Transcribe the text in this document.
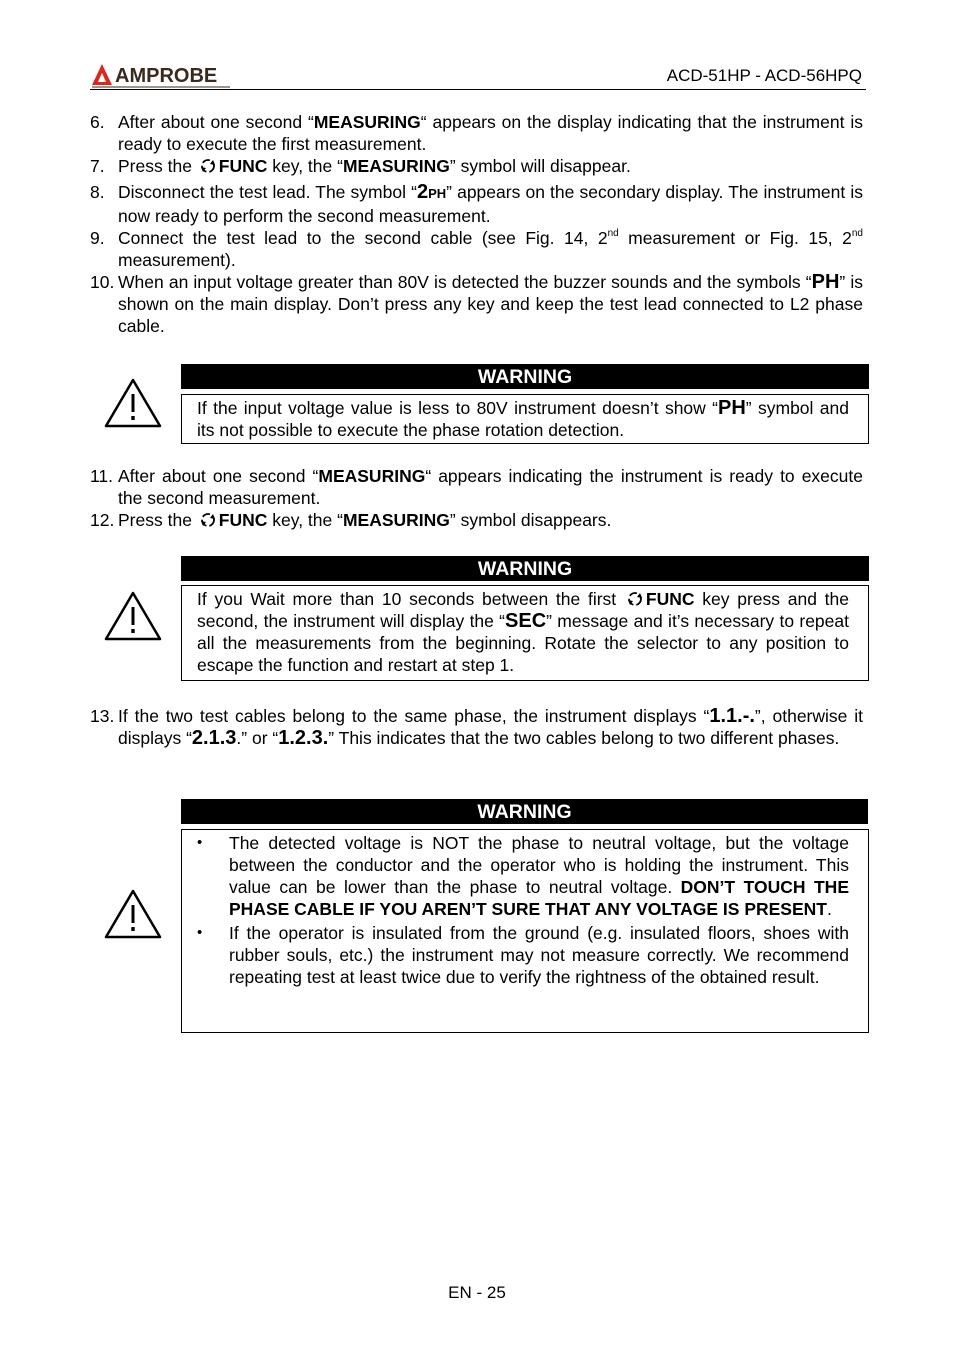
AMPROBE	ACD-51HP - ACD-56HPQ
6. After about one second “MEASURING“ appears on the display indicating that the instrument is ready to execute the first measurement.
7. Press the FUNC key, the “MEASURING” symbol will disappear.
8. Disconnect the test lead. The symbol “2PH” appears on the secondary display. The instrument is now ready to perform the second measurement.
9. Connect the test lead to the second cable (see Fig. 14, 2nd measurement or Fig. 15, 2nd measurement).
10. When an input voltage greater than 80V is detected the buzzer sounds and the symbols “PH” is shown on the main display. Don’t press any key and keep the test lead connected to L2 phase cable.
WARNING
If the input voltage value is less to 80V instrument doesn’t show “PH” symbol and its not possible to execute the phase rotation detection.
11. After about one second “MEASURING“ appears indicating the instrument is ready to execute the second measurement.
12. Press the FUNC key, the “MEASURING” symbol disappears.
WARNING
If you Wait more than 10 seconds between the first FUNC key press and the second, the instrument will display the “SEC” message and it’s necessary to repeat all the measurements from the beginning. Rotate the selector to any position to escape the function and restart at step 1.
13. If the two test cables belong to the same phase, the instrument displays “1.1.-.”, otherwise it displays “2.1.3.” or “1.2.3.” This indicates that the two cables belong to two different phases.
WARNING
•	The detected voltage is NOT the phase to neutral voltage, but the voltage between the conductor and the operator who is holding the instrument. This value can be lower than the phase to neutral voltage. DON’T TOUCH THE PHASE CABLE IF YOU AREN’T SURE THAT ANY VOLTAGE IS PRESENT.
•	If the operator is insulated from the ground (e.g. insulated floors, shoes with rubber souls, etc.) the instrument may not measure correctly. We recommend repeating test at least twice due to verify the rightness of the obtained result.
EN - 25
